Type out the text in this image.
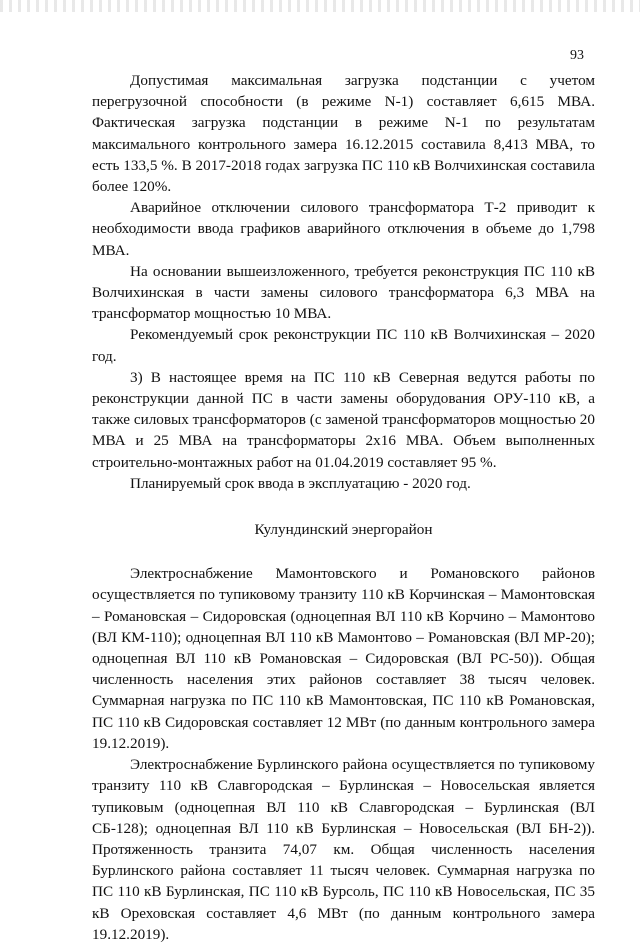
93

Допустимая максимальная загрузка подстанции с учетом перегрузочной способности (в режиме N-1) составляет 6,615 МВА. Фактическая загрузка подстанции в режиме N-1 по результатам максимального контрольного замера 16.12.2015 составила 8,413 МВА, то есть 133,5 %. В 2017-2018 годах загрузка ПС 110 кВ Волчихинская составила более 120%.

Аварийное отключении силового трансформатора Т-2 приводит к необходимости ввода графиков аварийного отключения в объеме до 1,798 МВА.

На основании вышеизложенного, требуется реконструкция ПС 110 кВ Волчихинская в части замены силового трансформатора 6,3 МВА на трансформатор мощностью 10 МВА.

Рекомендуемый срок реконструкции ПС 110 кВ Волчихинская – 2020 год.

3) В настоящее время на ПС 110 кВ Северная ведутся работы по реконструкции данной ПС в части замены оборудования ОРУ-110 кВ, а также силовых трансформаторов (с заменой трансформаторов мощностью 20 МВА и 25 МВА на трансформаторы 2х16 МВА. Объем выполненных строительно-монтажных работ на 01.04.2019 составляет 95 %.

Планируемый срок ввода в эксплуатацию - 2020 год.

Кулундинский энергорайон

Электроснабжение Мамонтовского и Романовского районов осуществляется по тупиковому транзиту 110 кВ Корчинская – Мамонтовская – Романовская – Сидоровская (одноцепная ВЛ 110 кВ Корчино – Мамонтово (ВЛ КМ-110); одноцепная ВЛ 110 кВ Мамонтово – Романовская (ВЛ МР-20); одноцепная ВЛ 110 кВ Романовская – Сидоровская (ВЛ РС-50)). Общая численность населения этих районов составляет 38 тысяч человек. Суммарная нагрузка по ПС 110 кВ Мамонтовская, ПС 110 кВ Романовская, ПС 110 кВ Сидоровская составляет 12 МВт (по данным контрольного замера 19.12.2019).

Электроснабжение Бурлинского района осуществляется по тупиковому транзиту 110 кВ Славгородская – Бурлинская – Новосельская является тупиковым (одноцепная ВЛ 110 кВ Славгородская – Бурлинская (ВЛ СБ-128); одноцепная ВЛ 110 кВ Бурлинская – Новосельская (ВЛ БН-2)). Протяженность транзита 74,07 км. Общая численность населения Бурлинского района составляет 11 тысяч человек. Суммарная нагрузка по ПС 110 кВ Бурлинская, ПС 110 кВ Бурсоль, ПС 110 кВ Новосельская, ПС 35 кВ Ореховская составляет 4,6 МВт (по данным контрольного замера 19.12.2019).
